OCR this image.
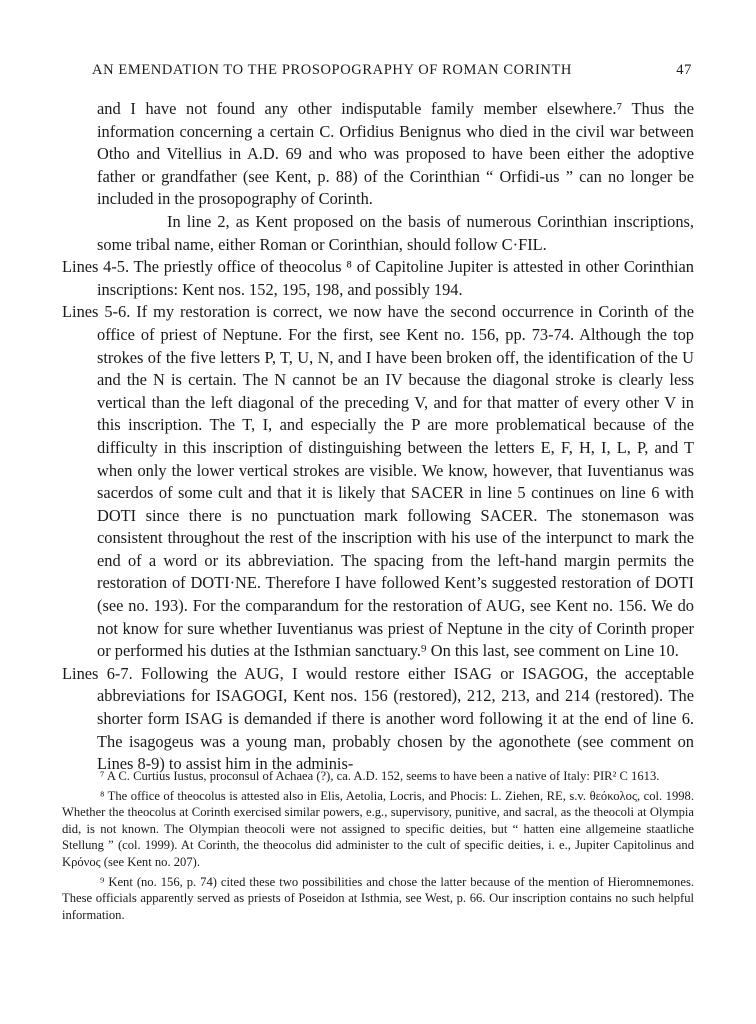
AN EMENDATION TO THE PROSOPOGRAPHY OF ROMAN CORINTH	47

and I have not found any other indisputable family member elsewhere.⁷ Thus the information concerning a certain C. Orfidius Benignus who died in the civil war between Otho and Vitellius in A.D. 69 and who was proposed to have been either the adoptive father or grandfather (see Kent, p. 88) of the Corinthian “ Orfidi-us ” can no longer be included in the prosopography of Corinth.

In line 2, as Kent proposed on the basis of numerous Corinthian inscriptions, some tribal name, either Roman or Corinthian, should follow C·FIL.

Lines 4-5. The priestly office of theocolus ⁸ of Capitoline Jupiter is attested in other Corinthian inscriptions: Kent nos. 152, 195, 198, and possibly 194.

Lines 5-6. If my restoration is correct, we now have the second occurrence in Corinth of the office of priest of Neptune. For the first, see Kent no. 156, pp. 73-74. Although the top strokes of the five letters P, T, U, N, and I have been broken off, the identification of the U and the N is certain. The N cannot be an IV because the diagonal stroke is clearly less vertical than the left diagonal of the preceding V, and for that matter of every other V in this inscription. The T, I, and especially the P are more problematical because of the difficulty in this inscription of distinguishing between the letters E, F, H, I, L, P, and T when only the lower vertical strokes are visible. We know, however, that Iuventianus was sacerdos of some cult and that it is likely that SACER in line 5 continues on line 6 with DOTI since there is no punctuation mark following SACER. The stonemason was consistent throughout the rest of the inscription with his use of the interpunct to mark the end of a word or its abbreviation. The spacing from the left-hand margin permits the restoration of DOTI·NE. Therefore I have followed Kent’s suggested restoration of DOTI (see no. 193). For the comparandum for the restoration of AUG, see Kent no. 156. We do not know for sure whether Iuventianus was priest of Neptune in the city of Corinth proper or performed his duties at the Isthmian sanctuary.⁹ On this last, see comment on Line 10.

Lines 6-7. Following the AUG, I would restore either ISAG or ISAGOG, the acceptable abbreviations for ISAGOGI, Kent nos. 156 (restored), 212, 213, and 214 (restored). The shorter form ISAG is demanded if there is another word following it at the end of line 6. The isagogeus was a young man, probably chosen by the agonothete (see comment on Lines 8-9) to assist him in the adminis-

⁷ A C. Curtius Iustus, proconsul of Achaea (?), ca. A.D. 152, seems to have been a native of Italy: PIR² C 1613.

⁸ The office of theocolus is attested also in Elis, Aetolia, Locris, and Phocis: L. Ziehen, RE, s.v. θεόκολος, col. 1998. Whether the theocolus at Corinth exercised similar powers, e.g., supervisory, punitive, and sacral, as the theocoli at Olympia did, is not known. The Olympian theocoli were not assigned to specific deities, but “ hatten eine allgemeine staatliche Stellung ” (col. 1999). At Corinth, the theocolus did administer to the cult of specific deities, i. e., Jupiter Capitolinus and Κρόνος (see Kent no. 207).

⁹ Kent (no. 156, p. 74) cited these two possibilities and chose the latter because of the mention of Hieromnemones. These officials apparently served as priests of Poseidon at Isthmia, see West, p. 66. Our inscription contains no such helpful information.
